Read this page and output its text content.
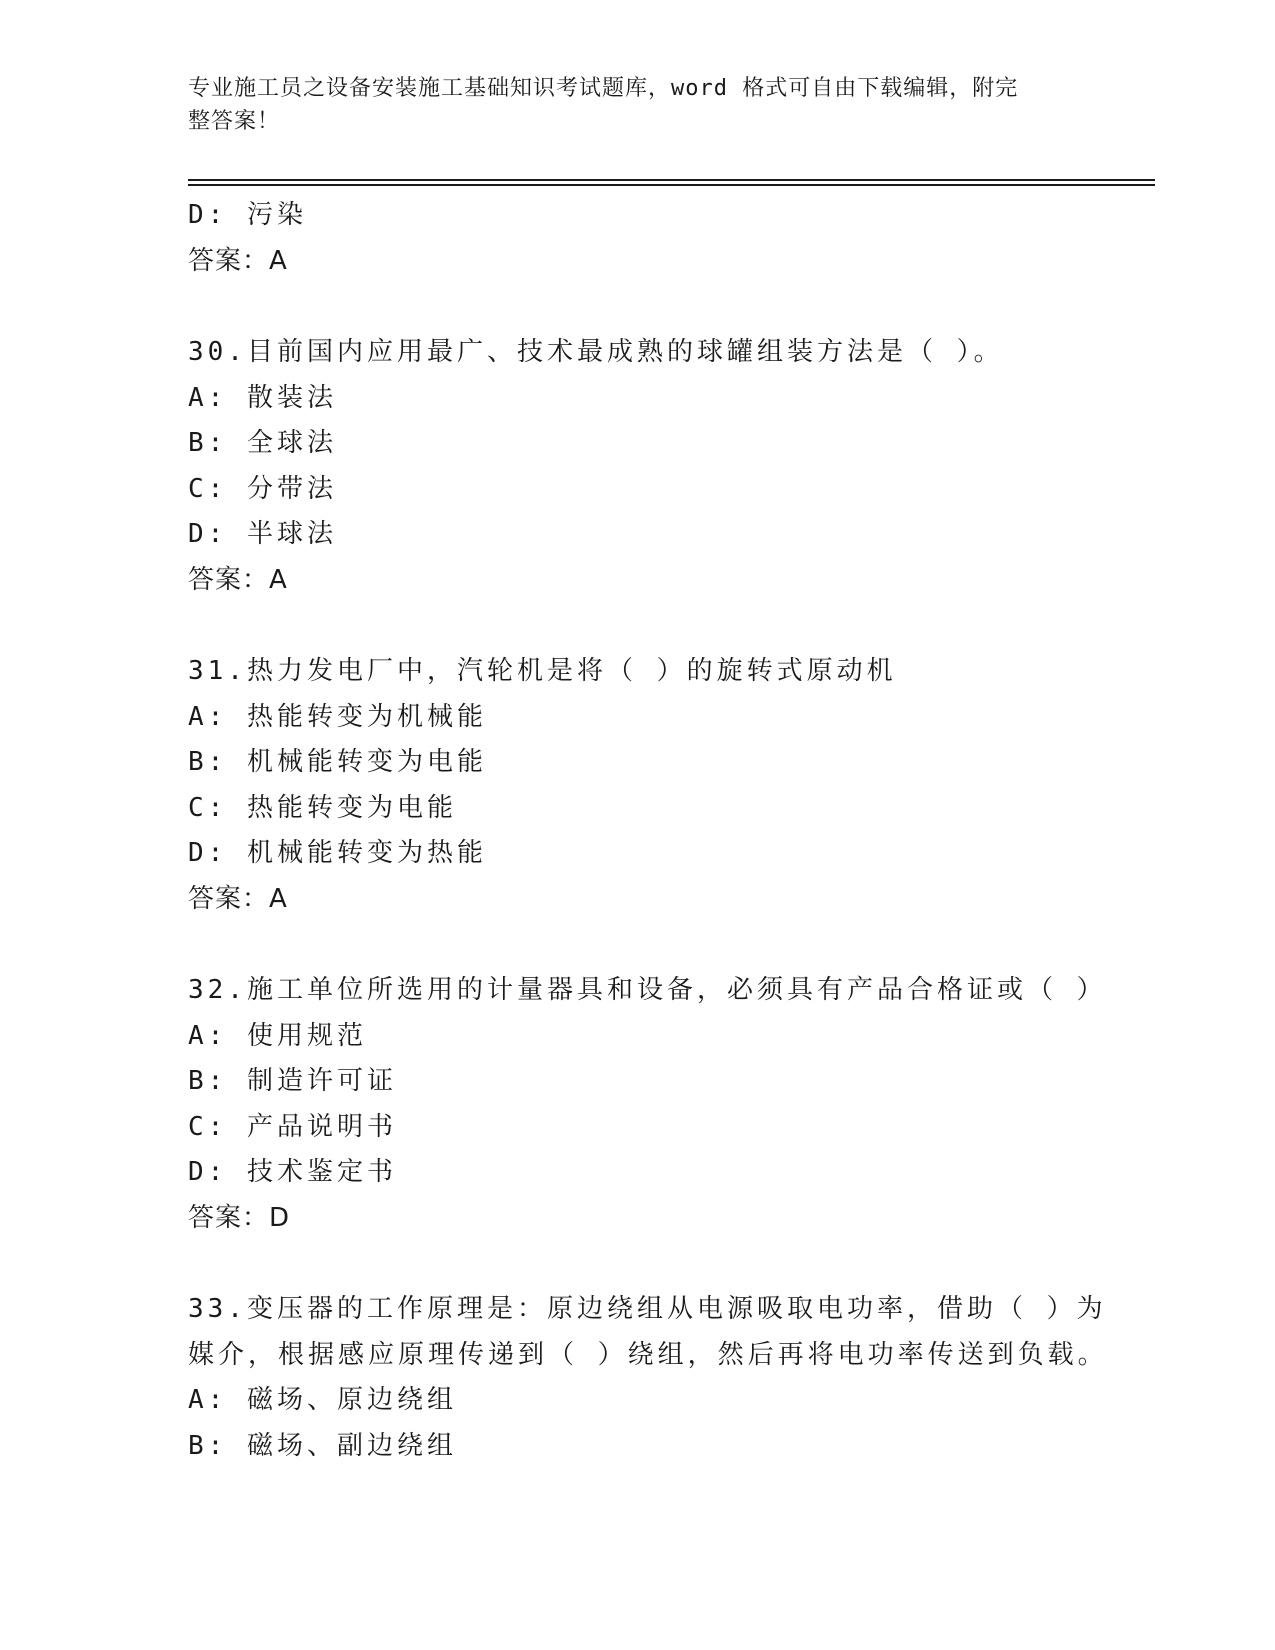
专业施工员之设备安装施工基础知识考试题库，word 格式可自由下载编辑，附完
整答案！
D: 污染
答案：A
30.目前国内应用最广、技术最成熟的球罐组装方法是（ ）。
A: 散装法
B: 全球法
C: 分带法
D: 半球法
答案：A
31.热力发电厂中，汽轮机是将（ ）的旋转式原动机
A: 热能转变为机械能
B: 机械能转变为电能
C: 热能转变为电能
D: 机械能转变为热能
答案：A
32.施工单位所选用的计量器具和设备，必须具有产品合格证或（ ）
A: 使用规范
B: 制造许可证
C: 产品说明书
D: 技术鉴定书
答案：D
33.变压器的工作原理是：原边绕组从电源吸取电功率，借助（ ）为
媒介，根据感应原理传递到（ ）绕组，然后再将电功率传送到负载。
A: 磁场、原边绕组
B: 磁场、副边绕组
